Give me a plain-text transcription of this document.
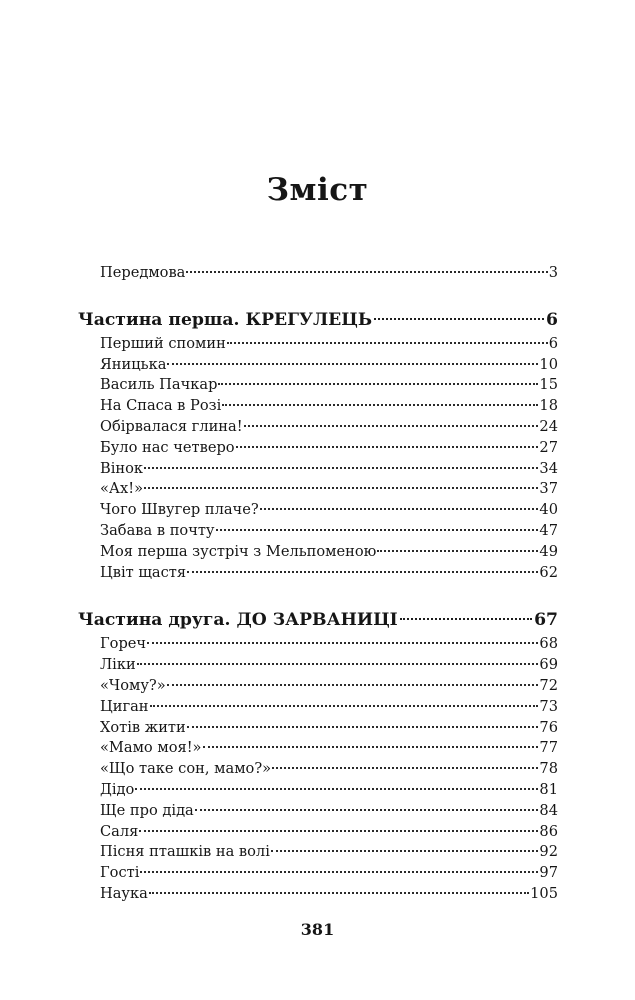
Зміст
Передмова	3
Частина перша. КРЕГУЛЕЦЬ	6
Перший спомин	6
Яницька	10
Василь Пачкар	15
На Спаса в Розі	18
Обірвалася глина!	24
Було нас четверо	27
Вінок	34
«Ах!»	37
Чого Швугер плаче?	40
Забава в почту	47
Моя перша зустріч з Мельпоменою	49
Цвіт щастя	62
Частина друга. ДО ЗАРВАНИЦІ	67
Гореч	68
Ліки	69
«Чому?»	72
Циган	73
Хотів жити	76
«Мамо моя!»	77
«Що таке сон, мамо?»	78
Дідо	81
Ще про діда	84
Саля	86
Пісня пташків на волі	92
Гості	97
Наука	105
381
